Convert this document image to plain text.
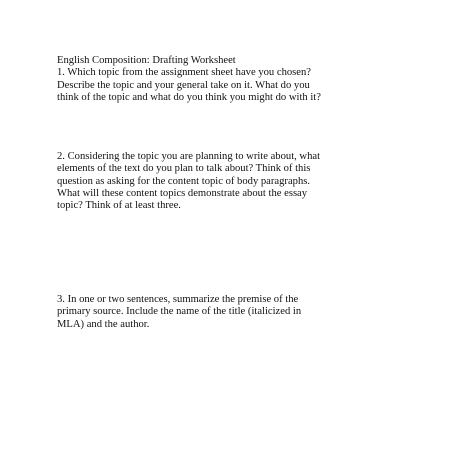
English Composition: Drafting Worksheet
1. Which topic from the assignment sheet have you chosen?
Describe the topic and your general take on it. What do you
think of the topic and what do you think you might do with it?
2. Considering the topic you are planning to write about, what
elements of the text do you plan to talk about? Think of this
question as asking for the content topic of body paragraphs.
What will these content topics demonstrate about the essay
topic? Think of at least three.
3. In one or two sentences, summarize the premise of the
primary source. Include the name of the title (italicized in
MLA) and the author.
